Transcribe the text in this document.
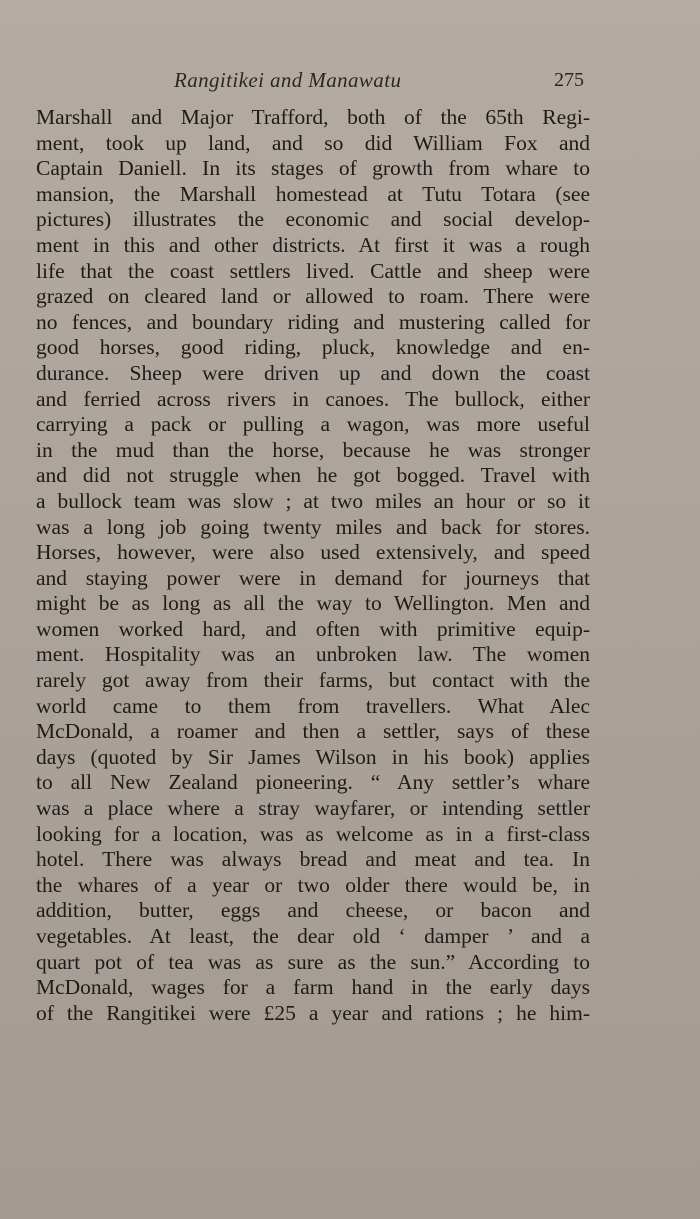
Rangitikei and Manawatu	275
Marshall and Major Trafford, both of the 65th Regi-
ment, took up land, and so did William Fox and
Captain Daniell. In its stages of growth from whare to
mansion, the Marshall homestead at Tutu Totara (see
pictures) illustrates the economic and social develop-
ment in this and other districts. At first it was a rough
life that the coast settlers lived. Cattle and sheep were
grazed on cleared land or allowed to roam. There were
no fences, and boundary riding and mustering called for
good horses, good riding, pluck, knowledge and en-
durance. Sheep were driven up and down the coast
and ferried across rivers in canoes. The bullock, either
carrying a pack or pulling a wagon, was more useful
in the mud than the horse, because he was stronger
and did not struggle when he got bogged. Travel with
a bullock team was slow ; at two miles an hour or so it
was a long job going twenty miles and back for stores.
Horses, however, were also used extensively, and speed
and staying power were in demand for journeys that
might be as long as all the way to Wellington. Men and
women worked hard, and often with primitive equip-
ment. Hospitality was an unbroken law. The women
rarely got away from their farms, but contact with the
world came to them from travellers. What Alec
McDonald, a roamer and then a settler, says of these
days (quoted by Sir James Wilson in his book) applies
to all New Zealand pioneering. “ Any settler’s whare
was a place where a stray wayfarer, or intending settler
looking for a location, was as welcome as in a first-class
hotel. There was always bread and meat and tea. In
the whares of a year or two older there would be, in
addition, butter, eggs and cheese, or bacon and
vegetables. At least, the dear old ‘ damper ’ and a
quart pot of tea was as sure as the sun.” According to
McDonald, wages for a farm hand in the early days
of the Rangitikei were £25 a year and rations ; he him-
